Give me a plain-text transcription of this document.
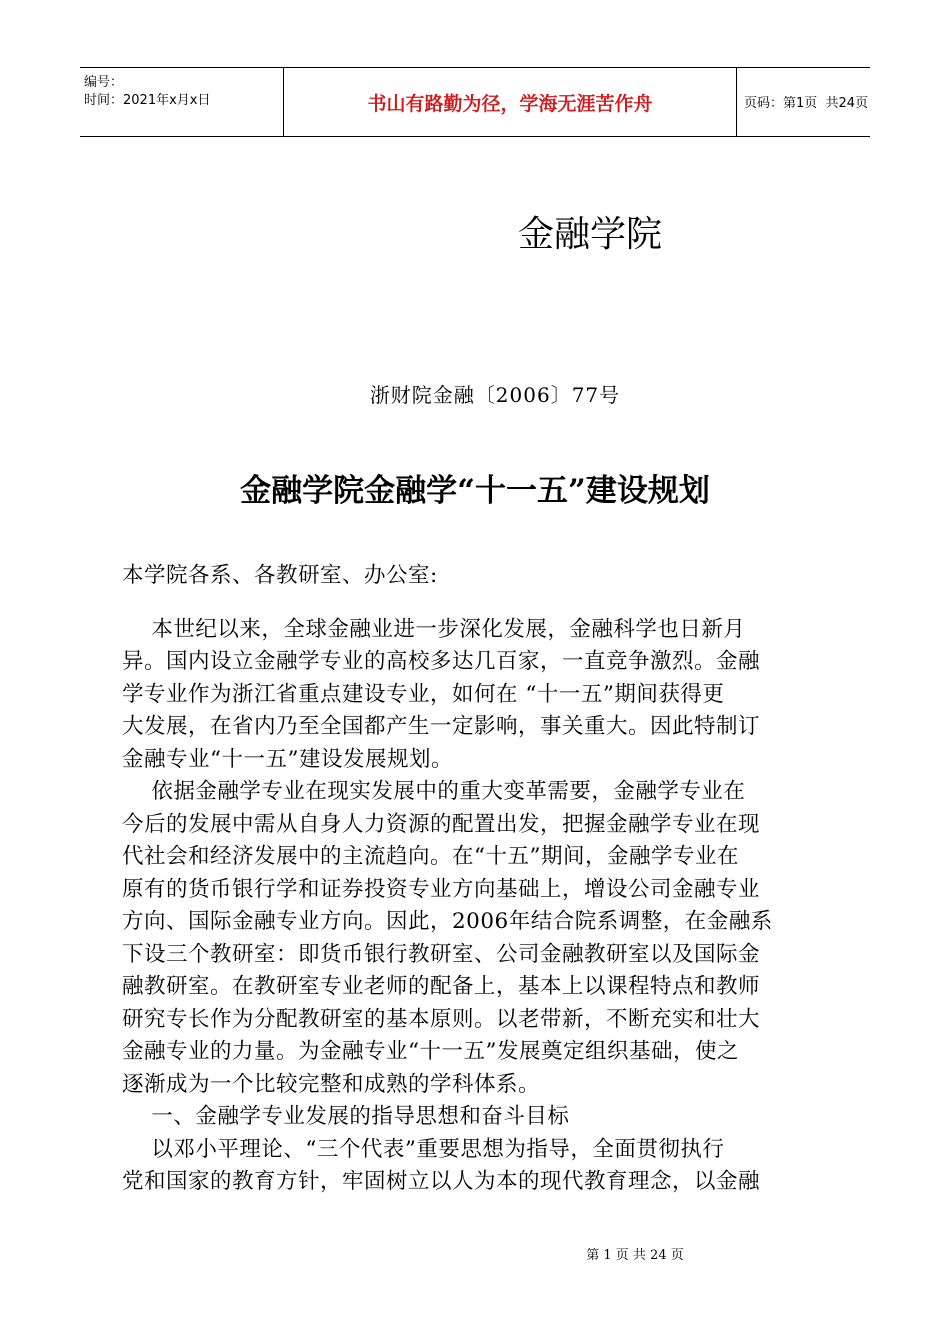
编号：
时间：2021年x月x日	书山有路勤为径，学海无涯苦作舟	页码：第1页  共24页
金融学院
浙财院金融〔2006〕77号
金融学院金融学“十一五”建设规划
本学院各系、各教研室、办公室:
本世纪以来，全球金融业进一步深化发展，金融科学也日新月
异。国内设立金融学专业的高校多达几百家，一直竞争激烈。金融
学专业作为浙江省重点建设专业，如何在 “十一五”期间获得更
大发展，在省内乃至全国都产生一定影响，事关重大。因此特制订
金融专业“十一五”建设发展规划。
依据金融学专业在现实发展中的重大变革需要，金融学专业在
今后的发展中需从自身人力资源的配置出发，把握金融学专业在现
代社会和经济发展中的主流趋向。在“十五”期间，金融学专业在
原有的货币银行学和证券投资专业方向基础上，增设公司金融专业
方向、国际金融专业方向。因此，2006年结合院系调整，在金融系
下设三个教研室：即货币银行教研室、公司金融教研室以及国际金
融教研室。在教研室专业老师的配备上，基本上以课程特点和教师
研究专长作为分配教研室的基本原则。以老带新，不断充实和壮大
金融专业的力量。为金融专业“十一五”发展奠定组织基础，使之
逐渐成为一个比较完整和成熟的学科体系。
一、金融学专业发展的指导思想和奋斗目标
以邓小平理论、“三个代表”重要思想为指导，全面贯彻执行
党和国家的教育方针，牢固树立以人为本的现代教育理念，以金融
第 1 页 共 24 页
